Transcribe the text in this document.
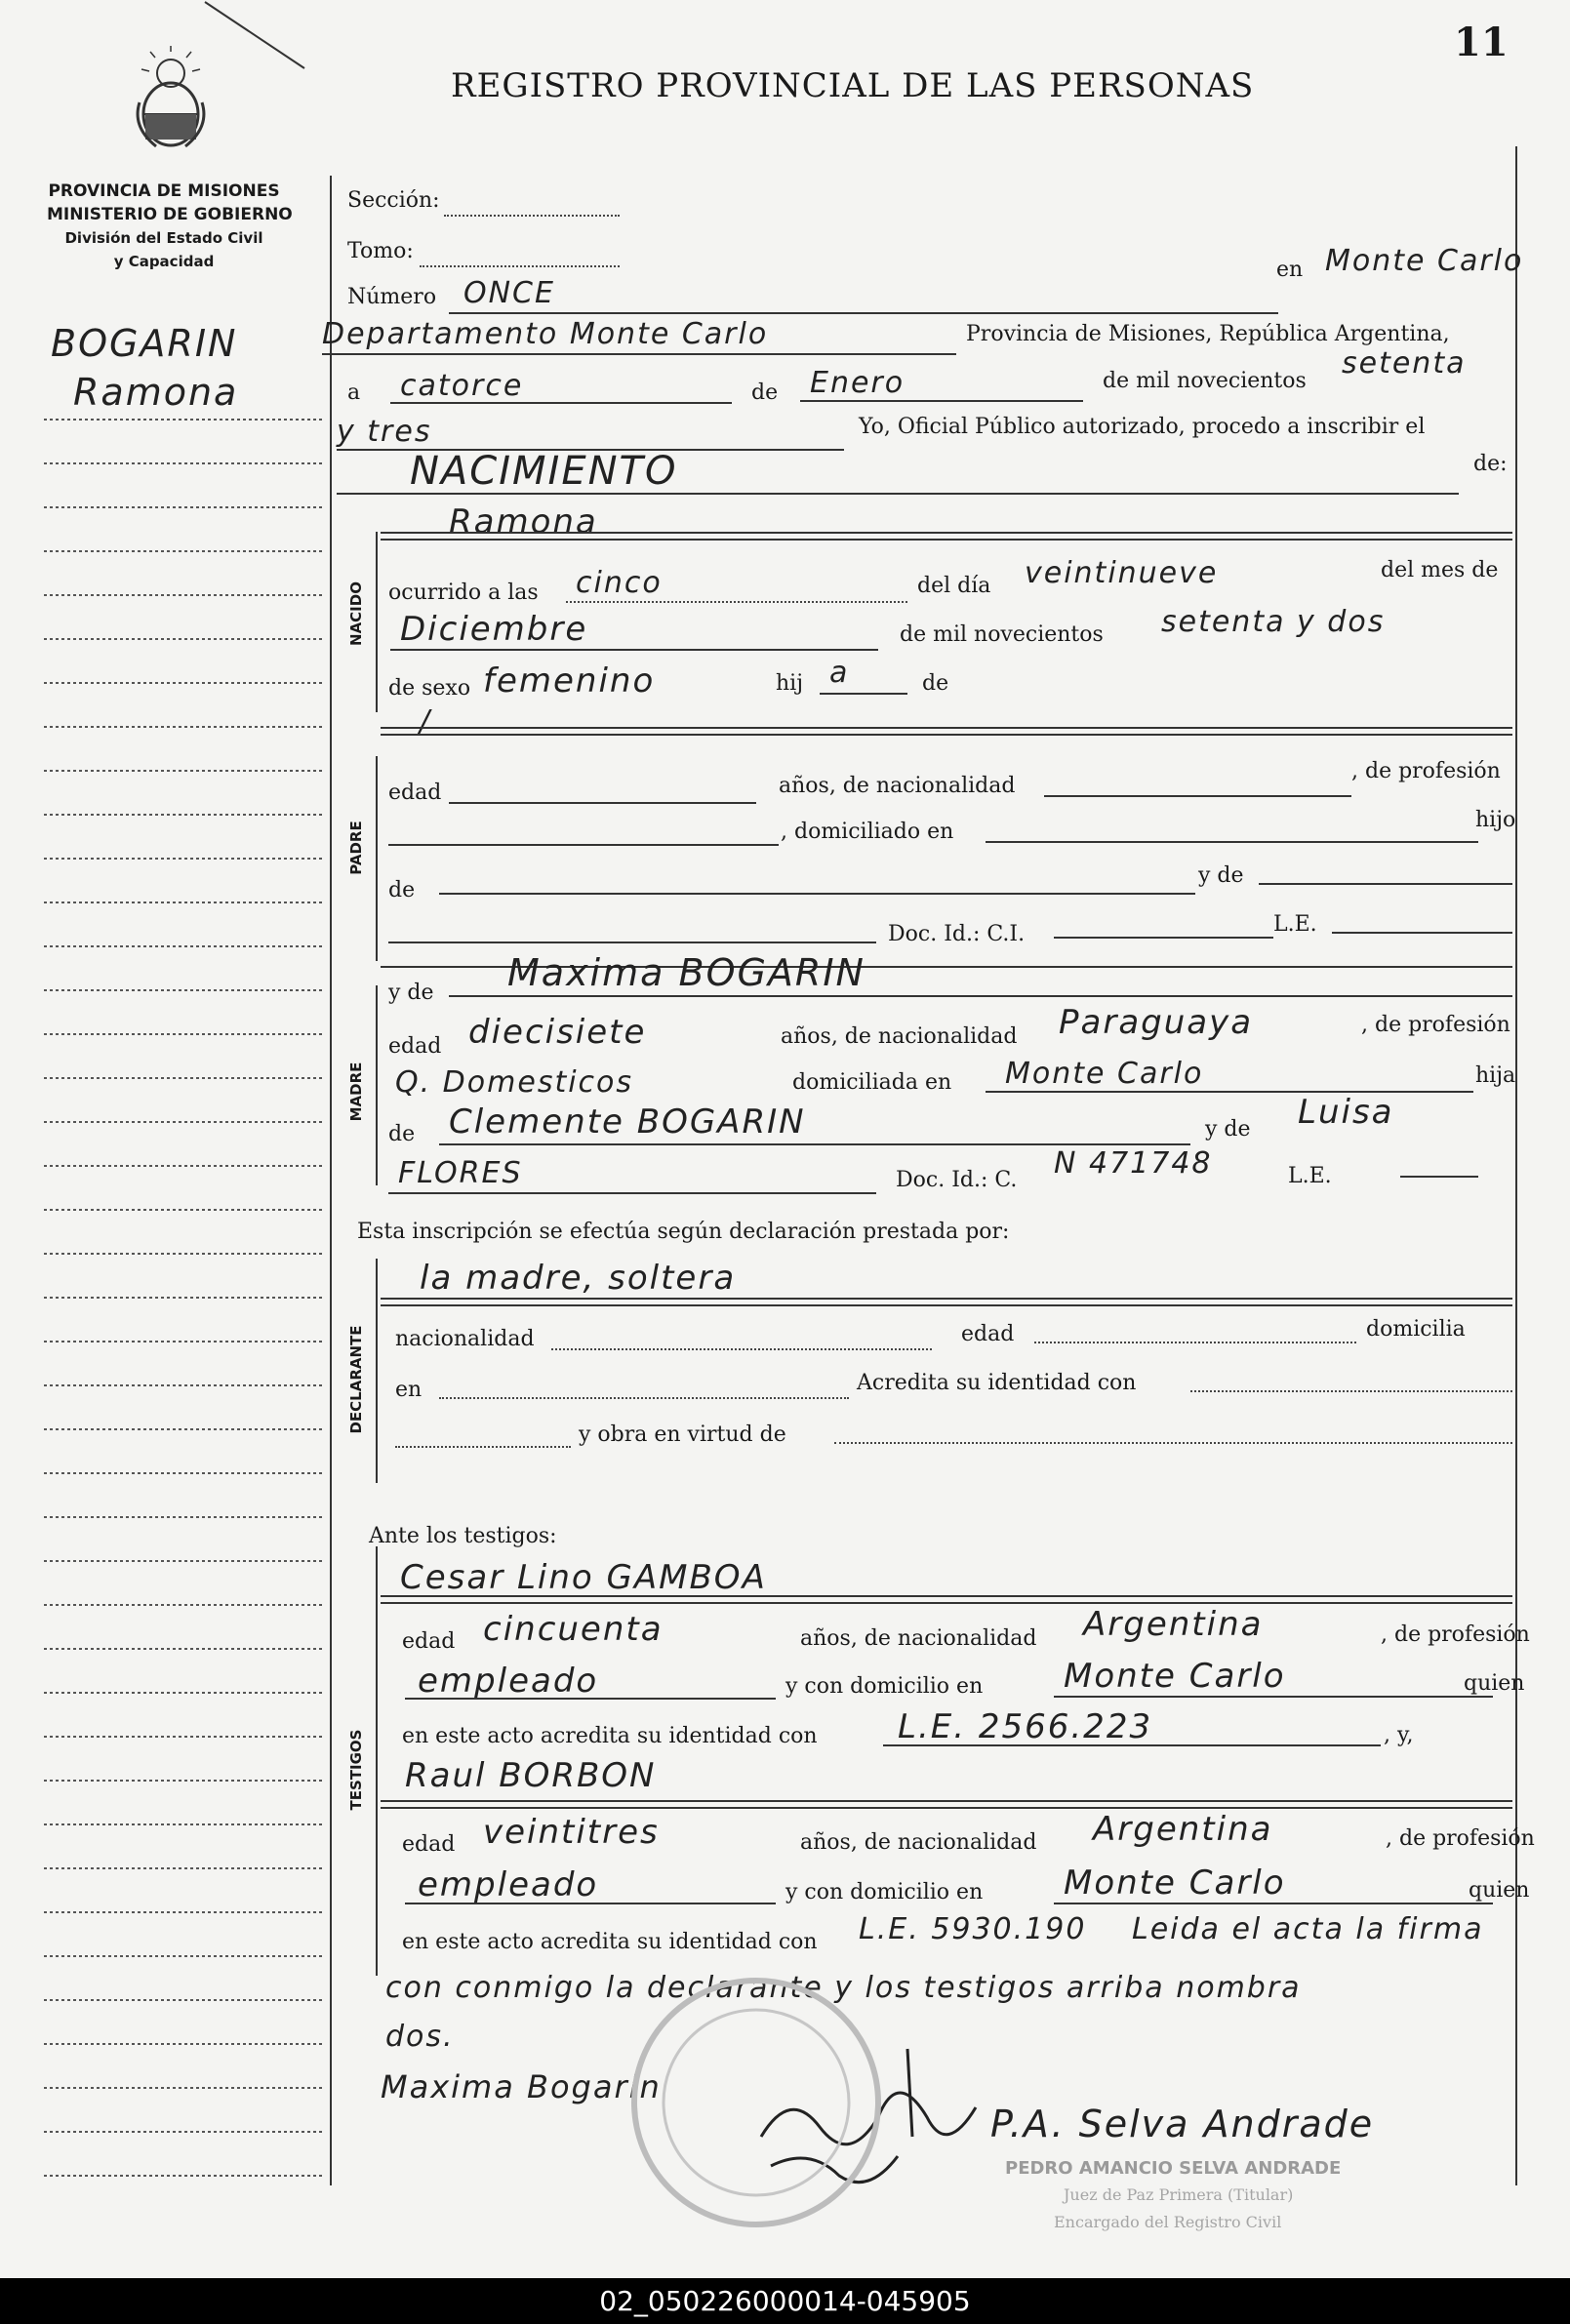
11
REGISTRO PROVINCIAL DE LAS PERSONAS
PROVINCIA DE MISIONES
MINISTERIO DE GOBIERNO
División del Estado Civil
y Capacidad
BOGARIN
Ramona
NACIDO
PADRE
MADRE
DECLARANTE
TESTIGOS
Sección:
Tomo:
Número ONCE
en Monte Carlo
Departamento Monte Carlo	Provincia de Misiones, República Argentina,
a catorce	de Enero	de mil novecientos
setenta
y tres	Yo, Oficial Público autorizado, procedo a inscribir el
NACIMIENTO	de:
Ramona
ocurrido a las cinco	del día veintinueve	del mes de
Diciembre	de mil novecientos setenta y dos
de sexo femenino	hij a	de
/
edad	años, de nacionalidad
, de profesión
, domiciliado en	hijo
de
y de
Doc. Id.: C.I.	L.E.
y de Maxima BOGARIN
edad diecisiete	años, de nacionalidad Paraguaya	, de profesión
Q. Domesticos	domiciliada en Monte Carlo	hija
de Clemente BOGARIN	y de Luisa
FLORES	Doc. Id.: C. N 471748	L.E.
Esta inscripción se efectúa según declaración prestada por:
la madre, soltera
nacionalidad	edad	domicilia
en	Acredita su identidad con
y obra en virtud de
Ante los testigos:
Cesar Lino GAMBOA
edad cincuenta	años, de nacionalidad Argentina	, de profesión
empleado	y con domicilio en Monte Carlo	quien
en este acto acredita su identidad con L.E. 2566.223	, y,
Raul BORBON
edad veintitres	años, de nacionalidad Argentina	, de profesión
empleado	y con domicilio en Monte Carlo	quien
en este acto acredita su identidad con L.E. 5930.190 Leida el acta la firma
con conmigo la declarante y los testigos arriba nombra
dos.
Maxima Bogarin
P.A. Selva Andrade
PEDRO AMANCIO SELVA ANDRADE
Juez de Paz Primera (Titular)
Encargado del Registro Civil
02_050226000014-045905
